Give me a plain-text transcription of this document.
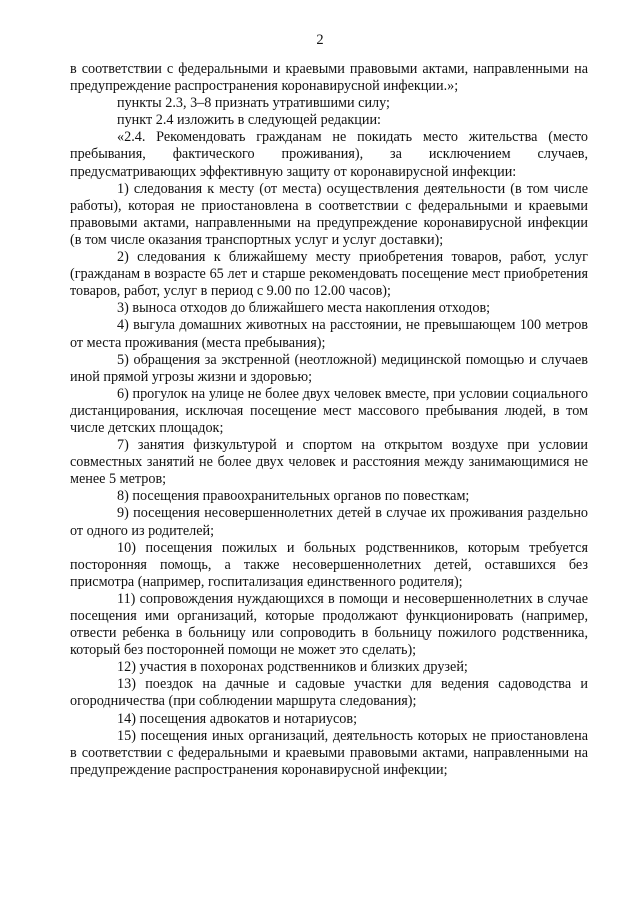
2

в соответствии с федеральными и краевыми правовыми актами, направленными на предупреждение распространения коронавирусной инфекции.»;

пункты 2.3, 3–8 признать утратившими силу;

пункт 2.4 изложить в следующей редакции:

«2.4. Рекомендовать гражданам не покидать место жительства (место пребывания, фактического проживания), за исключением случаев, предусматривающих эффективную защиту от коронавирусной инфекции:

1) следования к месту (от места) осуществления деятельности (в том числе работы), которая не приостановлена в соответствии с федеральными и краевыми правовыми актами, направленными на предупреждение коронавирусной инфекции (в том числе оказания транспортных услуг и услуг доставки);

2) следования к ближайшему месту приобретения товаров, работ, услуг (гражданам в возрасте 65 лет и старше рекомендовать посещение мест приобретения товаров, работ, услуг в период с 9.00 по 12.00 часов);

3) выноса отходов до ближайшего места накопления отходов;

4) выгула домашних животных на расстоянии, не превышающем 100 метров от места проживания (места пребывания);

5) обращения за экстренной (неотложной) медицинской помощью и случаев иной прямой угрозы жизни и здоровью;

6) прогулок на улице не более двух человек вместе, при условии социального дистанцирования, исключая посещение мест массового пребывания людей, в том числе детских площадок;

7) занятия физкультурой и спортом на открытом воздухе при условии совместных занятий не более двух человек и расстояния между занимающимися не менее 5 метров;

8) посещения правоохранительных органов по повесткам;

9) посещения несовершеннолетних детей в случае их проживания раздельно от одного из родителей;

10) посещения пожилых и больных родственников, которым требуется посторонняя помощь, а также несовершеннолетних детей, оставшихся без присмотра (например, госпитализация единственного родителя);

11) сопровождения нуждающихся в помощи и несовершеннолетних в случае посещения ими организаций, которые продолжают функционировать (например, отвести ребенка в больницу или сопроводить в больницу пожилого родственника, который без посторонней помощи не может это сделать);

12) участия в похоронах родственников и близких друзей;

13) поездок на дачные и садовые участки для ведения садоводства и огородничества (при соблюдении маршрута следования);

14) посещения адвокатов и нотариусов;

15) посещения иных организаций, деятельность которых не приостановлена в соответствии с федеральными и краевыми правовыми актами, направленными на предупреждение распространения коронавирусной инфекции;
